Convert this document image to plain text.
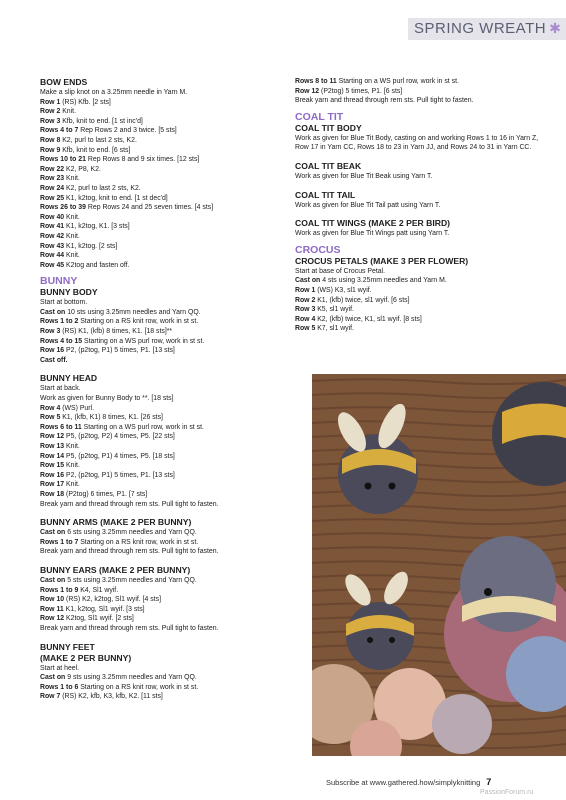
SPRING WREATH ✱
BOW ENDS
Make a slip knot on a 3.25mm needle in Yarn M.
Row 1 (RS) Kfb. [2 sts]
Row 2 Knit.
Row 3 Kfb, knit to end. [1 st inc'd]
Rows 4 to 7 Rep Rows 2 and 3 twice. [5 sts]
Row 8 K2, purl to last 2 sts, K2.
Row 9 Kfb, knit to end. [6 sts]
Rows 10 to 21 Rep Rows 8 and 9 six times. [12 sts]
Row 22 K2, P8, K2.
Row 23 Knit.
Row 24 K2, purl to last 2 sts, K2.
Row 25 K1, k2tog, knit to end. [1 st dec'd]
Rows 26 to 39 Rep Rows 24 and 25 seven times. [4 sts]
Row 40 Knit.
Row 41 K1, k2tog, K1. [3 sts]
Row 42 Knit.
Row 43 K1, k2tog. [2 sts]
Row 44 Knit.
Row 45 K2tog and fasten off.
BUNNY
BUNNY BODY
Start at bottom.
Cast on 10 sts using 3.25mm needles and Yarn QQ.
Rows 1 to 2 Starting on a RS knit row, work in st st.
Row 3 (RS) K1, (kfb) 8 times, K1. [18 sts]**
Rows 4 to 15 Starting on a WS purl row, work in st st.
Row 16 P2, (p2tog, P1) 5 times, P1. [13 sts]
Cast off.
BUNNY HEAD
Start at back.
Work as given for Bunny Body to **. [18 sts]
Row 4 (WS) Purl.
Row 5 K1, (kfb, K1) 8 times, K1. [26 sts]
Rows 6 to 11 Starting on a WS purl row, work in st st.
Row 12 P5, (p2tog, P2) 4 times, P5. [22 sts]
Row 13 Knit.
Row 14 P5, (p2tog, P1) 4 times, P5. [18 sts]
Row 15 Knit.
Row 16 P2, (p2tog, P1) 5 times, P1. [13 sts]
Row 17 Knit.
Row 18 (P2tog) 6 times, P1. [7 sts]
Break yarn and thread through rem sts. Pull tight to fasten.
BUNNY ARMS (MAKE 2 PER BUNNY)
Cast on 6 sts using 3.25mm needles and Yarn QQ.
Rows 1 to 7 Starting on a RS knit row, work in st st.
Break yarn and thread through rem sts. Pull tight to fasten.
BUNNY EARS (MAKE 2 PER BUNNY)
Cast on 5 sts using 3.25mm needles and Yarn QQ.
Rows 1 to 9 K4, Sl1 wyif.
Row 10 (RS) K2, k2tog, Sl1 wyif. [4 sts]
Row 11 K1, k2tog, Sl1 wyif. [3 sts]
Row 12 K2tog, Sl1 wyif. [2 sts]
Break yarn and thread through rem sts. Pull tight to fasten.
BUNNY FEET
(MAKE 2 PER BUNNY)
Start at heel.
Cast on 9 sts using 3.25mm needles and Yarn QQ.
Rows 1 to 6 Starting on a RS knit row, work in st st.
Row 7 (RS) K2, kfb, K3, kfb, K2. [11 sts]
Rows 8 to 11 Starting on a WS purl row, work in st st.
Row 12 (P2tog) 5 times, P1. [6 sts]
Break yarn and thread through rem sts. Pull tight to fasten.
COAL TIT
COAL TIT BODY
Work as given for Blue Tit Body, casting on and working Rows 1 to 16 in Yarn Z, Row 17 in Yarn CC, Rows 18 to 23 in Yarn JJ, and Rows 24 to 31 in Yarn CC.
COAL TIT BEAK
Work as given for Blue Tit Beak using Yarn T.
COAL TIT TAIL
Work as given for Blue Tit Tail patt using Yarn T.
COAL TIT WINGS (MAKE 2 PER BIRD)
Work as given for Blue Tit Wings patt using Yarn T.
CROCUS
CROCUS PETALS (MAKE 3 PER FLOWER)
Start at base of Crocus Petal.
Cast on 4 sts using 3.25mm needles and Yarn M.
Row 1 (WS) K3, sl1 wyif.
Row 2 K1, (kfb) twice, sl1 wyif. [6 sts]
Row 3 K5, sl1 wyif.
Row 4 K2, (kfb) twice, K1, sl1 wyif. [8 sts]
Row 5 K7, sl1 wyif.
Subscribe at www.gathered.how/simplyknitting 7
PassionForum.ru
